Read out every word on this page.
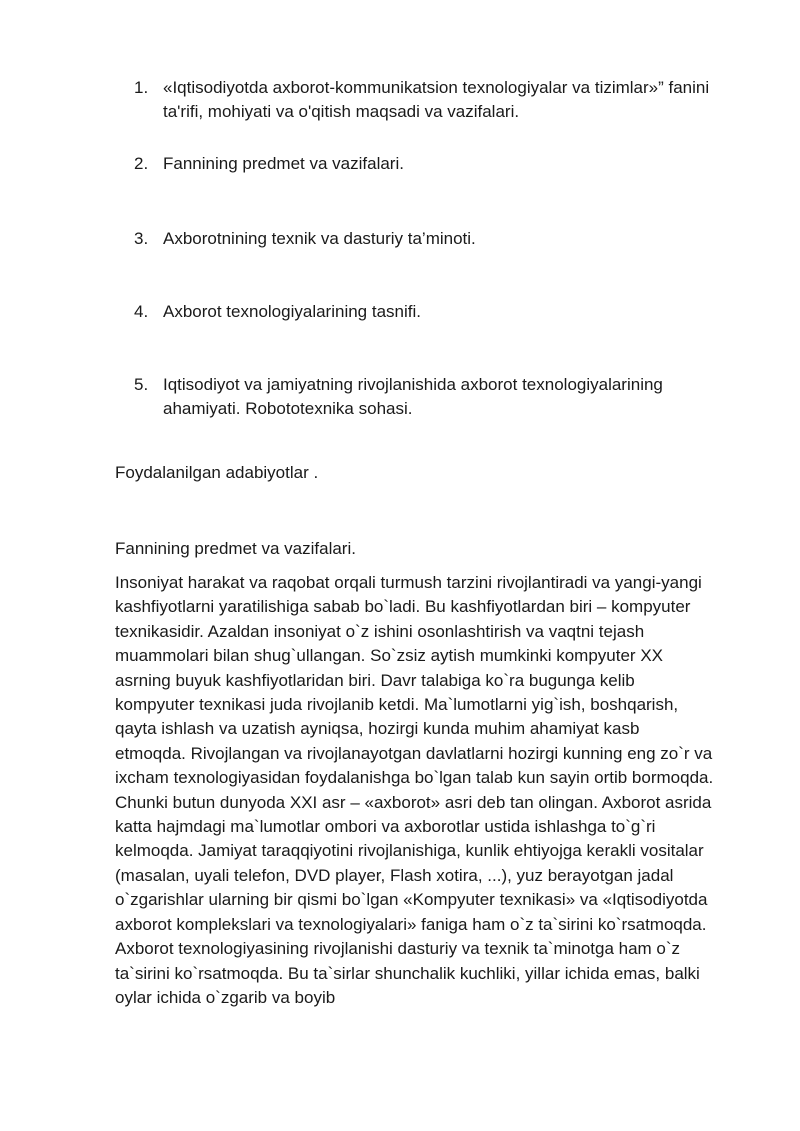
1. «Iqtisodiyotda axborot-kommunikatsion texnologiyalar va tizimlar»” fanini ta'rifi, mohiyati va o'qitish maqsadi va vazifalari.
2. Fannining predmet va vazifalari.
3. Axborotnining texnik va dasturiy ta’minoti.
4. Axborot texnologiyalarining tasnifi.
5. Iqtisodiyot va jamiyatning rivojlanishida axborot texnologiyalarining ahamiyati. Robototexnika sohasi.
Foydalanilgan adabiyotlar .
Fannining predmet va vazifalari.

Insoniyat harakat va raqobat orqali turmush tarzini rivojlantiradi va yangi-yangi kashfiyotlarni yaratilishiga sabab bo`ladi. Bu kashfiyotlardan biri – kompyuter texnikasidir. Azaldan insoniyat o`z ishini osonlashtirish va vaqtni tejash muammolari bilan shug`ullangan. So`zsiz aytish mumkinki kompyuter XX asrning buyuk kashfiyotlaridan biri. Davr talabiga ko`ra bugunga kelib kompyuter texnikasi juda rivojlanib ketdi. Ma`lumotlarni yig`ish, boshqarish, qayta ishlash va uzatish ayniqsa, hozirgi kunda muhim ahamiyat kasb etmoqda. Rivojlangan va rivojlanayotgan davlatlarni hozirgi kunning eng zo`r va ixcham texnologiyasidan foydalanishga bo`lgan talab kun sayin ortib bormoqda. Chunki butun dunyoda XXI asr – «axborot» asri deb tan olingan. Axborot asrida katta hajmdagi ma`lumotlar ombori va axborotlar ustida ishlashga to`g`ri kelmoqda. Jamiyat taraqqiyotini rivojlanishiga, kunlik ehtiyojga kerakli vositalar (masalan, uyali telefon, DVD player, Flash xotira, ...), yuz berayotgan jadal o`zgarishlar ularning bir qismi bo`lgan «Kompyuter texnikasi» va «Iqtisodiyotda axborot komplekslari va texnologiyalari» faniga ham o`z ta`sirini ko`rsatmoqda. Axborot texnologiyasining rivojlanishi dasturiy va texnik ta`minotga ham o`z ta`sirini ko`rsatmoqda. Bu ta`sirlar shunchalik kuchliki, yillar ichida emas, balki oylar ichida o`zgarib va boyib
